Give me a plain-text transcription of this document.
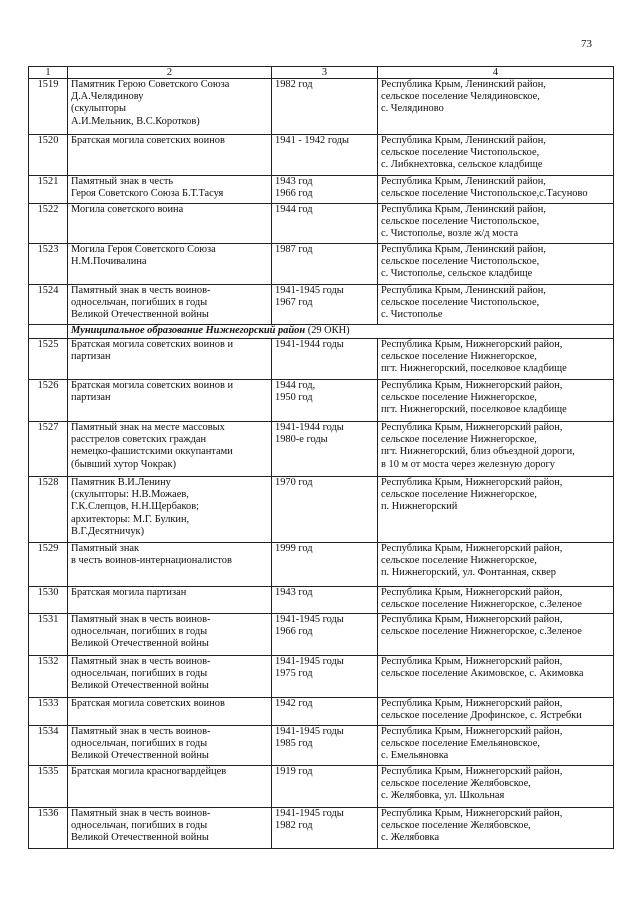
73
1	2	3	4
1519	Памятник Герою Советского Союза
Д.А.Челядинову
(скульпторы
А.И.Мельник, В.С.Коротков)	1982 год	Республика Крым, Ленинский район,
сельское поселение Челядиновское,
с. Челядиново
1520	Братская могила советских воинов	1941 - 1942 годы	Республика Крым, Ленинский район,
сельское поселение Чистопольское,
с. Либкнехтовка, сельское кладбище
1521	Памятный знак в честь
Героя Советского Союза Б.Т.Тасуя	1943 год
1966 год	Республика Крым, Ленинский район,
сельское поселение Чистопольское,с.Тасуново
1522	Могила советского воина	1944 год	Республика Крым, Ленинский район,
сельское поселение Чистопольское,
с. Чистополье, возле ж/д моста
1523	Могила Героя Советского Союза
Н.М.Почивалина	1987 год	Республика Крым, Ленинский район,
сельское поселение Чистопольское,
с. Чистополье, сельское кладбище
1524	Памятный знак в честь воинов-
односельчан, погибших в годы
Великой Отечественной войны	1941-1945 годы
1967 год	Республика Крым, Ленинский район,
сельское поселение Чистопольское,
с. Чистополье
	Муниципальное образование Нижнегорский район (29 ОКН)		
1525	Братская могила советских воинов и
партизан	1941-1944 годы	Республика Крым, Нижнегорский район,
сельское поселение Нижнегорское,
пгт. Нижнегорский, поселковое кладбище
1526	Братская могила советских воинов и
партизан	1944 год,
1950 год	Республика Крым, Нижнегорский район,
сельское поселение Нижнегорское,
пгт. Нижнегорский, поселковое кладбище
1527	Памятный знак на месте массовых
расстрелов советских граждан
немецко-фашистскими оккупантами
(бывший хутор Чокрак)	1941-1944 годы
1980-е годы	Республика Крым, Нижнегорский район,
сельское поселение Нижнегорское,
пгт. Нижнегорский, близ объездной дороги,
в 10 м от моста через железную дорогу
1528	Памятник В.И.Ленину
(скульпторы: Н.В.Можаев,
Г.К.Слепцов, Н.Н.Щербаков;
архитекторы: М.Г. Булкин,
В.Г.Десятничук)	1970 год	Республика Крым, Нижнегорский район,
сельское поселение Нижнегорское,
п. Нижнегорский
1529	Памятный знак
в честь воинов-интернационалистов	1999 год	Республика Крым, Нижнегорский район,
сельское поселение Нижнегорское,
п. Нижнегорский, ул. Фонтанная, сквер
1530	Братская могила партизан	1943 год	Республика Крым, Нижнегорский район,
сельское поселение Нижнегорское, с.Зеленое
1531	Памятный знак в честь воинов-
односельчан, погибших в годы
Великой Отечественной войны	1941-1945 годы
1966 год	Республика Крым, Нижнегорский район,
сельское поселение Нижнегорское, с.Зеленое
1532	Памятный знак в честь воинов-
односельчан, погибших в годы
Великой Отечественной войны	1941-1945 годы
1975 год	Республика Крым, Нижнегорский район,
сельское поселение Акимовское, с. Акимовка
1533	Братская могила советских воинов	1942 год	Республика Крым, Нижнегорский район,
сельское поселение Дрофинское, с. Ястребки
1534	Памятный знак в честь воинов-
односельчан, погибших в годы
Великой Отечественной войны	1941-1945 годы
1985 год	Республика Крым, Нижнегорский район,
сельское поселение Емельяновское,
с. Емельяновка
1535	Братская могила красногвардейцев	1919 год	Республика Крым, Нижнегорский район,
сельское поселение Желябовское,
с. Желябовка, ул. Школьная
1536	Памятный знак в честь воинов-
односельчан, погибших в годы
Великой Отечественной войны	1941-1945 годы
1982 год	Республика Крым, Нижнегорский район,
сельское поселение Желябовское,
с. Желябовка
